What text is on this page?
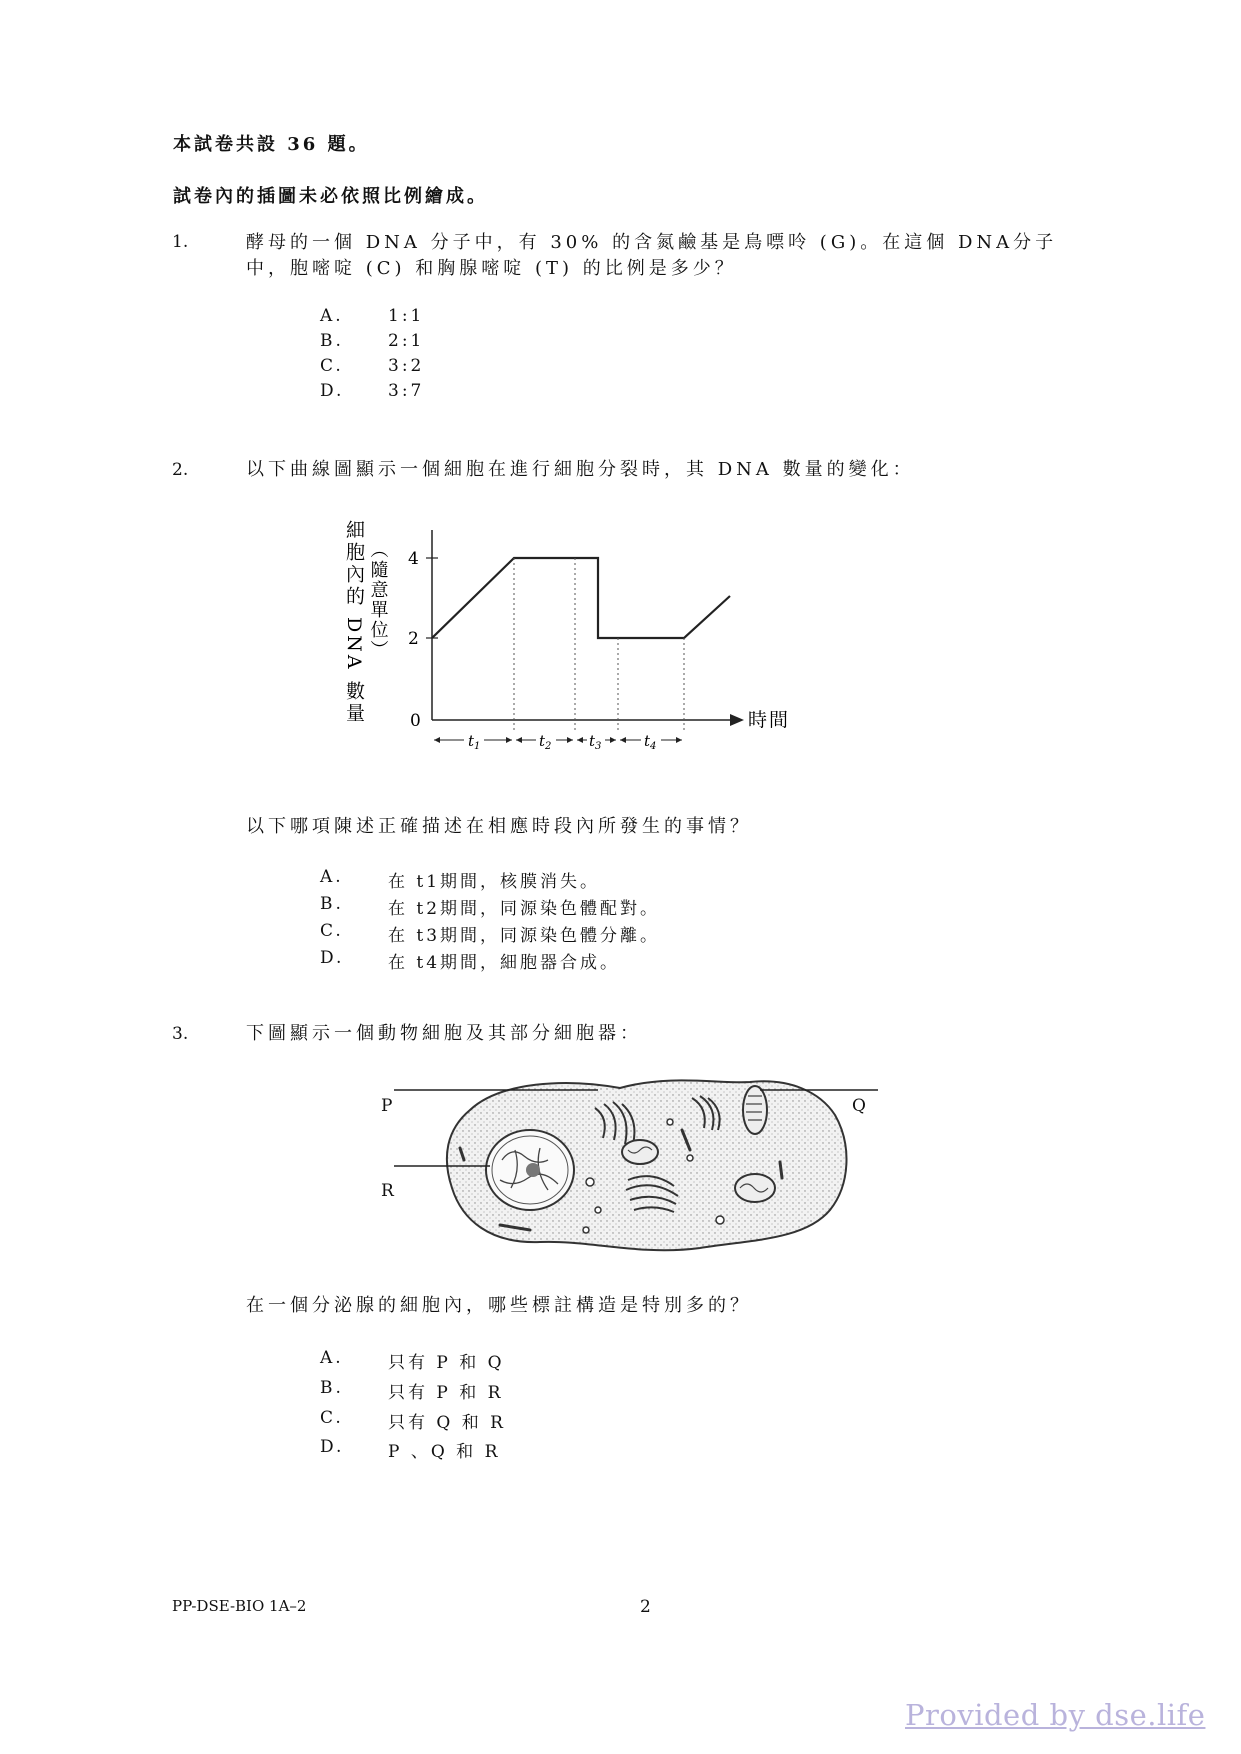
本試卷共設 36 題。
試卷內的插圖未必依照比例繪成。
1.	酵母的一個 DNA 分子中，有 30% 的含氮鹼基是鳥嘌呤 (G)。在這個 DNA分子
中，胞嘧啶 (C) 和胸腺嘧啶 (T) 的比例是多少？
A.	1:1
B.	2:1
C.	3:2
D.	3:7
2.	以下曲線圖顯示一個細胞在進行細胞分裂時，其 DNA 數量的變化：
細胞內的 DNA 數量 （隨意單位） 4
2
0	時間
$t_1$	$t_2$	$t_3$	$t_4$
以下哪項陳述正確描述在相應時段內所發生的事情？
A.	在 t1期間，核膜消失。
B.	在 t2期間，同源染色體配對。
C.	在 t3期間，同源染色體分離。
D.	在 t4期間，細胞器合成。
3.	下圖顯示一個動物細胞及其部分細胞器：
P	Q
R
在一個分泌腺的細胞內，哪些標註構造是特別多的？
A.	只有 P 和 Q
B.	只有 P 和 R
C.	只有 Q 和 R
D.	P 、Q 和 R
PP-DSE-BIO 1A–2	2
Provided by dse.life
